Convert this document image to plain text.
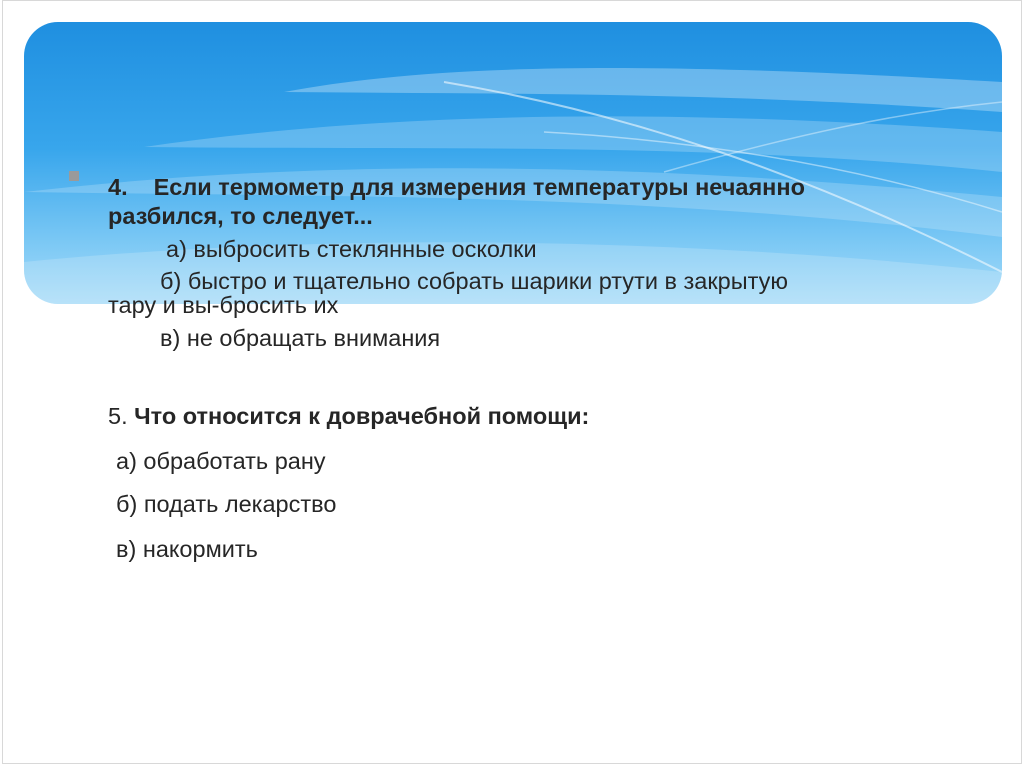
4. Если термометр для измерения температуры нечаянно
разбился, то следует...
а) выбросить стеклянные осколки
б) быстро и тщательно собрать шарики ртути в закрытую
тару и вы-бросить их
в) не обращать внимания
5. Что относится к доврачебной помощи:
а) обработать рану
б) подать лекарство
в) накормить
